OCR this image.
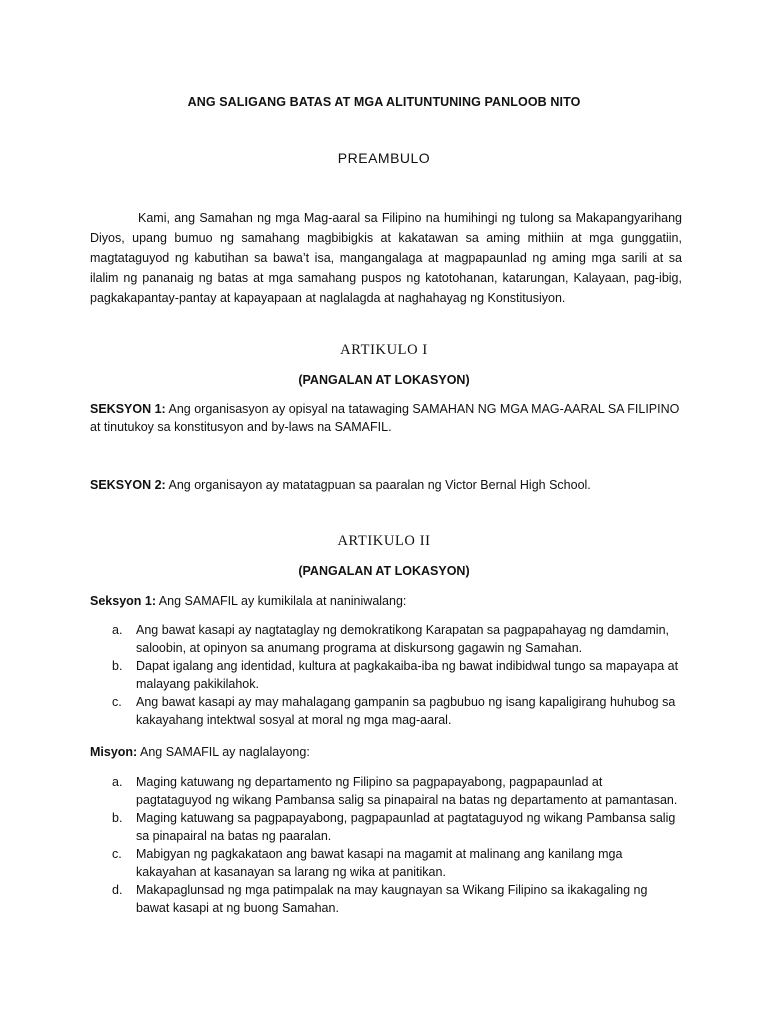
ANG SALIGANG BATAS AT MGA ALITUNTUNING PANLOOB NITO
PREAMBULO

Kami, ang Samahan ng mga Mag-aaral sa Filipino na humihingi ng tulong sa Makapangyarihang Diyos, upang bumuo ng samahang magbibigkis at kakatawan sa aming mithiin at mga gunggatiin, magtataguyod ng kabutihan sa bawa’t isa, mangangalaga at magpapaunlad ng aming mga sarili at sa ilalim ng pananaig ng batas at mga samahang puspos ng katotohanan, katarungan, Kalayaan, pag-ibig, pagkakapantay-pantay at kapayapaan at naglalagda at naghahayag ng Konstitusiyon.

ARTIKULO I
(PANGALAN AT LOKASYON)
SEKSYON 1: Ang organisasyon ay opisyal na tatawaging SAMAHAN NG MGA MAG-AARAL SA FILIPINO at tinutukoy sa konstitusyon and by-laws na SAMAFIL.
SEKSYON 2: Ang organisayon ay matatagpuan sa paaralan ng Victor Bernal High School.
ARTIKULO II
(PANGALAN AT LOKASYON)
Seksyon 1: Ang SAMAFIL ay kumikilala at naniniwalang:
a. Ang bawat kasapi ay nagtataglay ng demokratikong Karapatan sa pagpapahayag ng damdamin, saloobin, at opinyon sa anumang programa at diskursong gagawin ng Samahan.
b. Dapat igalang ang identidad, kultura at pagkakaiba-iba ng bawat indibidwal tungo sa mapayapa at malayang pakikilahok.
c. Ang bawat kasapi ay may mahalagang gampanin sa pagbubuo ng isang kapaligirang huhubog sa kakayahang intektwal sosyal at moral ng mga mag-aaral.
Misyon: Ang SAMAFIL ay naglalayong:
a. Maging katuwang ng departamento ng Filipino sa pagpapayabong, pagpapaunlad at pagtataguyod ng wikang Pambansa salig sa pinapairal na batas ng departamento at pamantasan.
b. Maging katuwang sa pagpapayabong, pagpapaunlad at pagtataguyod ng wikang Pambansa salig sa pinapairal na batas ng paaralan.
c. Mabigyan ng pagkakataon ang bawat kasapi na magamit at malinang ang kanilang mga kakayahan at kasanayan sa larang ng wika at panitikan.
d. Makapaglunsad ng mga patimpalak na may kaugnayan sa Wikang Filipino sa ikakagaling ng bawat kasapi at ng buong Samahan.
